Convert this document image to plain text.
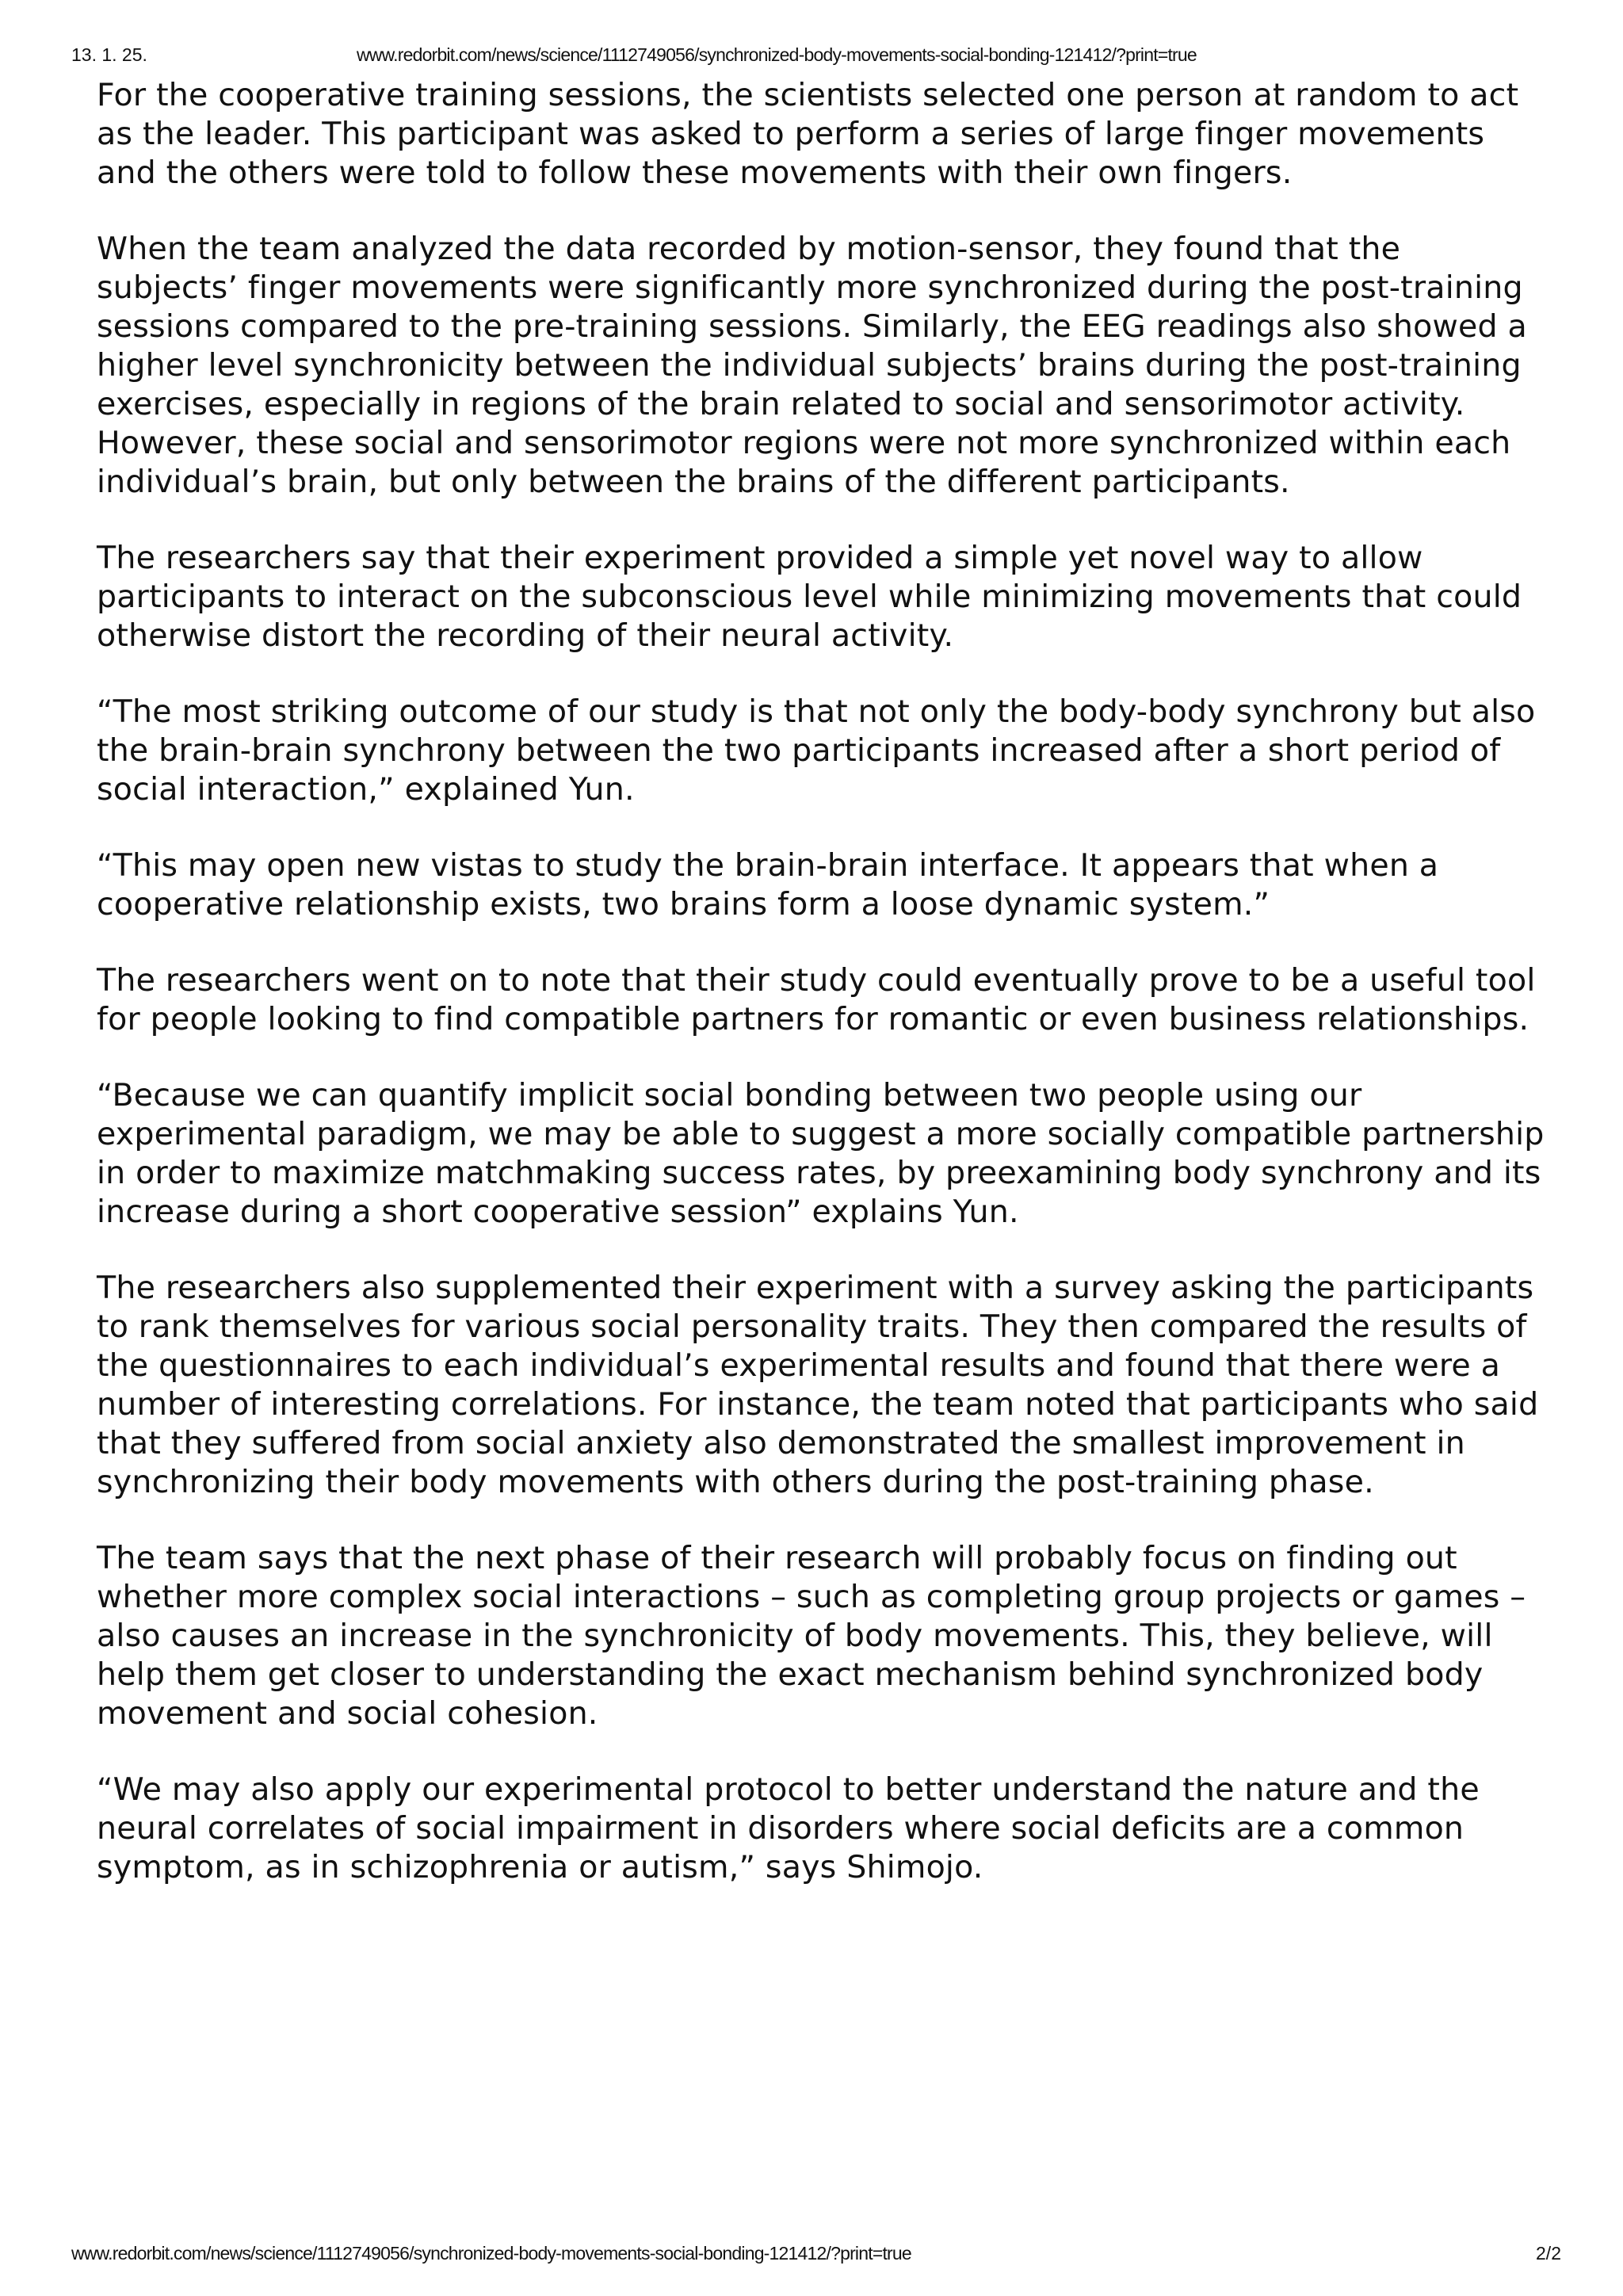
13. 1. 25.	www.redorbit.com/news/science/1112749056/synchronized-body-movements-social-bonding-121412/?print=true

For the cooperative training sessions, the scientists selected one person at random to act as the leader. This participant was asked to perform a series of large finger movements and the others were told to follow these movements with their own fingers.

When the team analyzed the data recorded by motion-sensor, they found that the subjects’ finger movements were significantly more synchronized during the post-training sessions compared to the pre-training sessions. Similarly, the EEG readings also showed a higher level synchronicity between the individual subjects’ brains during the post-training exercises, especially in regions of the brain related to social and sensorimotor activity. However, these social and sensorimotor regions were not more synchronized within each individual’s brain, but only between the brains of the different participants.

The researchers say that their experiment provided a simple yet novel way to allow participants to interact on the subconscious level while minimizing movements that could otherwise distort the recording of their neural activity.

“The most striking outcome of our study is that not only the body-body synchrony but also the brain-brain synchrony between the two participants increased after a short period of social interaction,” explained Yun.

“This may open new vistas to study the brain-brain interface. It appears that when a cooperative relationship exists, two brains form a loose dynamic system.”

The researchers went on to note that their study could eventually prove to be a useful tool for people looking to find compatible partners for romantic or even business relationships.

“Because we can quantify implicit social bonding between two people using our experimental paradigm, we may be able to suggest a more socially compatible partnership in order to maximize matchmaking success rates, by preexamining body synchrony and its increase during a short cooperative session” explains Yun.

The researchers also supplemented their experiment with a survey asking the participants to rank themselves for various social personality traits. They then compared the results of the questionnaires to each individual’s experimental results and found that there were a number of interesting correlations. For instance, the team noted that participants who said that they suffered from social anxiety also demonstrated the smallest improvement in synchronizing their body movements with others during the post-training phase.

The team says that the next phase of their research will probably focus on finding out whether more complex social interactions – such as completing group projects or games – also causes an increase in the synchronicity of body movements. This, they believe, will help them get closer to understanding the exact mechanism behind synchronized body movement and social cohesion.

“We may also apply our experimental protocol to better understand the nature and the neural correlates of social impairment in disorders where social deficits are a common symptom, as in schizophrenia or autism,” says Shimojo.

www.redorbit.com/news/science/1112749056/synchronized-body-movements-social-bonding-121412/?print=true	2/2
